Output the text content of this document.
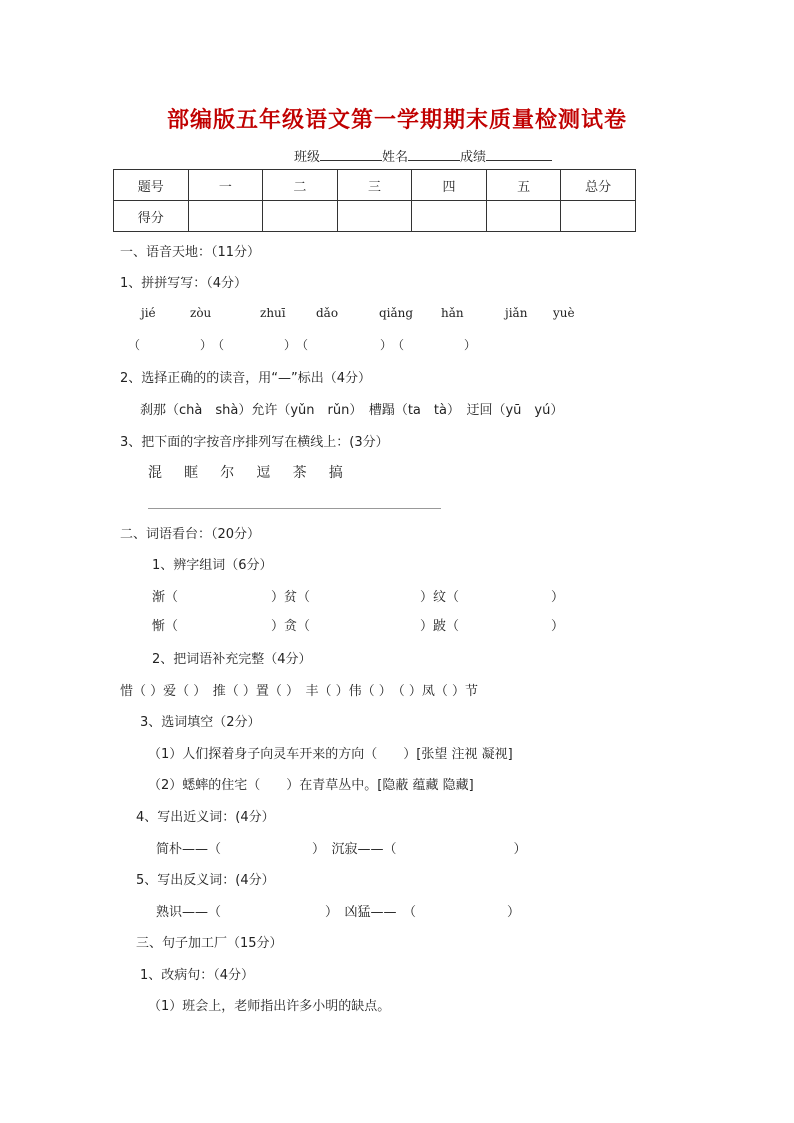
部编版五年级语文第一学期期末质量检测试卷
班级	姓名	成绩
题号	一	二	三	四	五	总分
得分						
一、语音天地：（11分）
1、拼拼写写：（4分）
jié	zòu	zhuī	dǎo	qiǎng hǎn	jiǎn yuè
（　　　　　）　（　　　　　）　（　　　　　　）　（　　　　　）
2、选择正确的的读音，用“—”标出（4分）
刹那（chà　shà）允许（yǔn　rǔn）　槽蹋（ta　tà）　迂回（yū　yú）
3、把下面的字按音序排列写在横线上：(3分）
混 眶 尔 逗 茶 搞
二、词语看台：（20分）
1、辨字组词（6分）
渐（	）贫（	）纹（	）
惭（	）贪（	）跛（	）
2、把词语补充完整（4分）
惜（ ）爱（ ）　推（ ）置（ ）　丰（ ）伟（ ）　（ ）凤（ ）节
3、选词填空（2分）
（1）人们探着身子向灵车开来的方向（　　）[张望 注视 凝视]
（2）蟋蟀的住宅（　　）在青草丛中。[隐蔽 蕴藏 隐藏]
4、写出近义词：(4分）
简朴——（　　　　　　　）　沉寂——（　　　　　　　　　）
5、写出反义词：(4分）
熟识——（　　　　　　　　）　凶猛——　（　　　　　　　）
三、句子加工厂（15分）
1、改病句：（4分）
（1）班会上，老师指出许多小明的缺点。
